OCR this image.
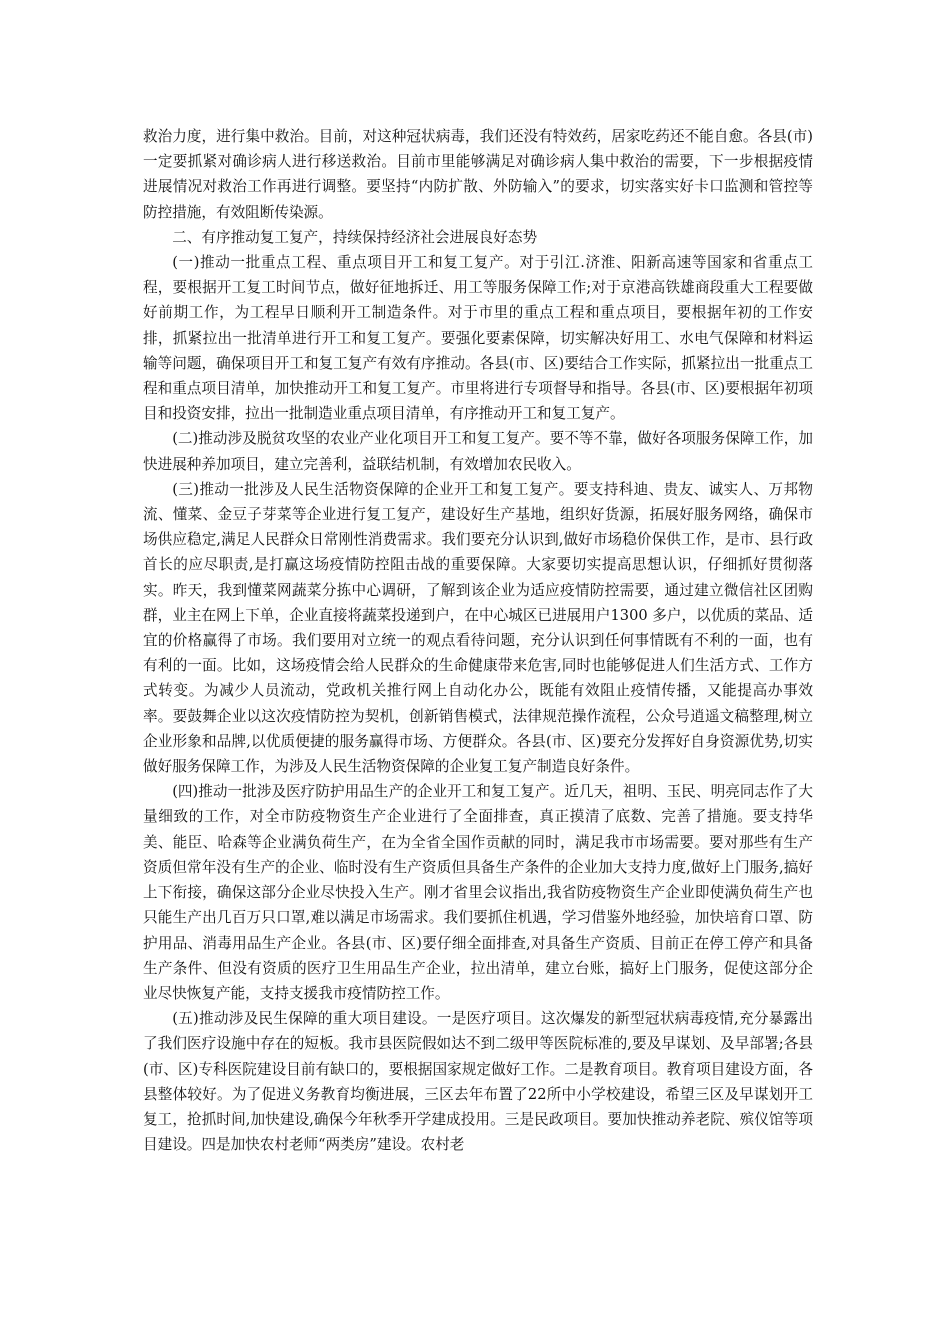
救治力度，进行集中救治。目前，对这种冠状病毒，我们还没有特效药，居家吃药还不能自愈。各县(市)一定要抓紧对确诊病人进行移送救治。目前市里能够满足对确诊病人集中救治的需要，下一步根据疫情进展情况对救治工作再进行调整。要坚持“内防扩散、外防输入”的要求，切实落实好卡口监测和管控等防控措施，有效阻断传染源。

二、有序推动复工复产，持续保持经济社会进展良好态势

(一)推动一批重点工程、重点项目开工和复工复产。对于引江.济淮、阳新高速等国家和省重点工程，要根据开工复工时间节点，做好征地拆迁、用工等服务保障工作;对于京港高铁雄商段重大工程要做好前期工作，为工程早日顺利开工制造条件。对于市里的重点工程和重点项目，要根据年初的工作安排，抓紧拉出一批清单进行开工和复工复产。要强化要素保障，切实解决好用工、水电气保障和材料运输等问题，确保项目开工和复工复产有效有序推动。各县(市、区)要结合工作实际，抓紧拉出一批重点工程和重点项目清单，加快推动开工和复工复产。市里将进行专项督导和指导。各县(市、区)要根据年初项目和投资安排，拉出一批制造业重点项目清单，有序推动开工和复工复产。

(二)推动涉及脱贫攻坚的农业产业化项目开工和复工复产。要不等不靠，做好各项服务保障工作，加快进展种养加项目，建立完善利，益联结机制，有效增加农民收入。

(三)推动一批涉及人民生活物资保障的企业开工和复工复产。要支持科迪、贵友、诚实人、万邦物流、懂菜、金豆子芽菜等企业进行复工复产，建设好生产基地，组织好货源，拓展好服务网络，确保市场供应稳定,满足人民群众日常刚性消费需求。我们要充分认识到,做好市场稳价保供工作，是市、县行政首长的应尽职责,是打赢这场疫情防控阻击战的重要保障。大家要切实提高思想认识，仔细抓好贯彻落实。昨天，我到懂菜网蔬菜分拣中心调研，了解到该企业为适应疫情防控需要，通过建立微信社区团购群，业主在网上下单，企业直接将蔬菜投递到户，在中心城区已进展用户1300 多户，以优质的菜品、适宜的价格赢得了市场。我们要用对立统一的观点看待问题，充分认识到任何事情既有不利的一面，也有有利的一面。比如，这场疫情会给人民群众的生命健康带来危害,同时也能够促进人们生活方式、工作方式转变。为减少人员流动，党政机关推行网上自动化办公，既能有效阻止疫情传播，又能提高办事效率。要鼓舞企业以这次疫情防控为契机，创新销售模式，法律规范操作流程，公众号逍遥文稿整理,树立企业形象和品牌,以优质便捷的服务赢得市场、方便群众。各县(市、区)要充分发挥好自身资源优势,切实做好服务保障工作，为涉及人民生活物资保障的企业复工复产制造良好条件。

(四)推动一批涉及医疗防护用品生产的企业开工和复工复产。近几天，祖明、玉民、明亮同志作了大量细致的工作，对全市防疫物资生产企业进行了全面排查，真正摸清了底数、完善了措施。要支持华美、能臣、哈森等企业满负荷生产，在为全省全国作贡献的同时，满足我市市场需要。要对那些有生产资质但常年没有生产的企业、临时没有生产资质但具备生产条件的企业加大支持力度,做好上门服务,搞好上下衔接，确保这部分企业尽快投入生产。刚才省里会议指出,我省防疫物资生产企业即使满负荷生产也只能生产出几百万只口罩,难以满足市场需求。我们要抓住机遇，学习借鉴外地经验，加快培育口罩、防护用品、消毒用品生产企业。各县(市、区)要仔细全面排查,对具备生产资质、目前正在停工停产和具备生产条件、但没有资质的医疗卫生用品生产企业，拉出清单，建立台账，搞好上门服务，促使这部分企业尽快恢复产能，支持支援我市疫情防控工作。

(五)推动涉及民生保障的重大项目建设。一是医疗项目。这次爆发的新型冠状病毒疫情,充分暴露出了我们医疗设施中存在的短板。我市县医院假如达不到二级甲等医院标准的,要及早谋划、及早部署;各县(市、区)专科医院建设目前有缺口的，要根据国家规定做好工作。二是教育项目。教育项目建设方面，各县整体较好。为了促进义务教育均衡进展，三区去年布置了22所中小学校建设，希望三区及早谋划开工复工，抢抓时间,加快建设,确保今年秋季开学建成投用。三是民政项目。要加快推动养老院、殡仪馆等项目建设。四是加快农村老师“两类房”建设。农村老
